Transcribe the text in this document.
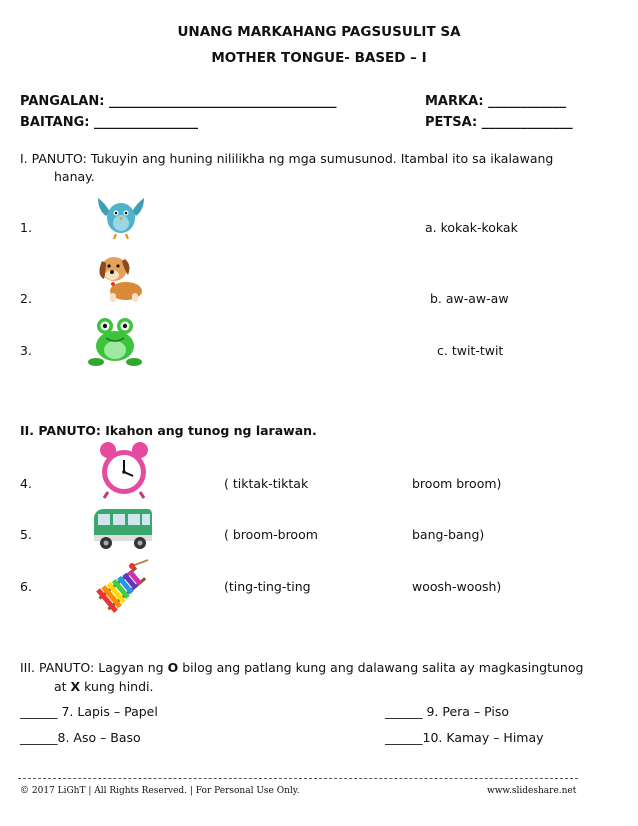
UNANG MARKAHANG PAGSUSULIT SA
MOTHER TONGUE- BASED – I
PANGALAN: ___________________________________	MARKA: ____________
BAITANG: ________________	PETSA: ______________
I. PANUTO: Tukuyin ang huning nililikha ng mga sumusunod. Itambal ito sa ikalawang
hanay.
1.	a. kokak-kokak
2.	b. aw-aw-aw
3.	c. twit-twit
II. PANUTO: Ikahon ang tunog ng larawan.
4.	( tiktak-tiktak	broom broom)
5.	( broom-broom	bang-bang)
6.	(ting-ting-ting	woosh-woosh)
III. PANUTO: Lagyan ng O bilog ang patlang kung ang dalawang salita ay magkasingtunog
at X kung hindi.
______ 7. Lapis – Papel	______ 9. Pera – Piso
______8. Aso – Baso	______10. Kamay – Himay
© 2017 LiGhT | All Rights Reserved. | For Personal Use Only.	www.slideshare.net
